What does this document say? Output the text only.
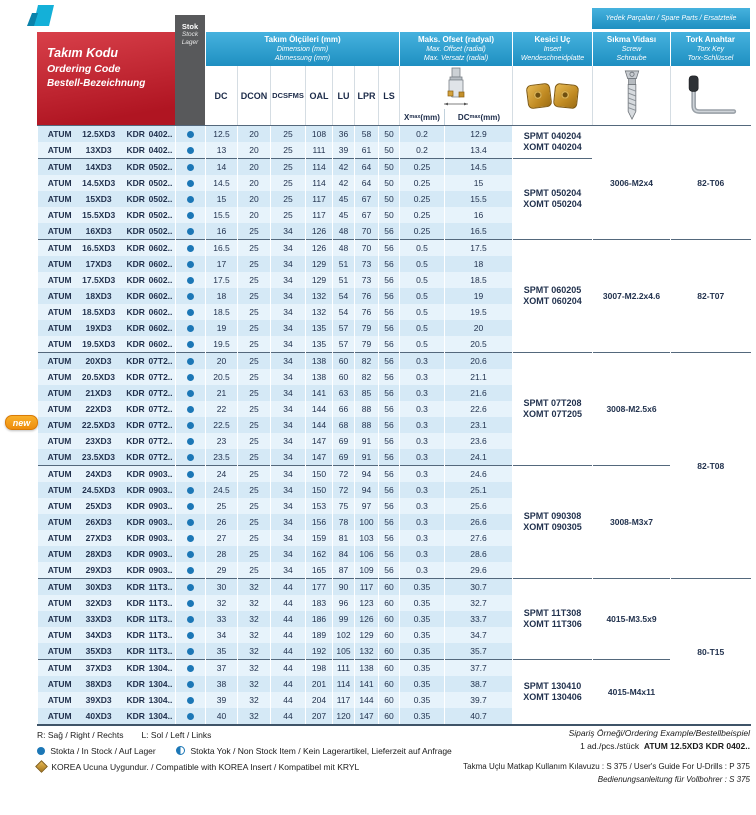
Yedek Parçaları / Spare Parts / Ersatzteile
Takım Kodu
Ordering Code
Bestell-Bezeichnung
Stok
Stock
Lager	Takım Ölçüleri (mm)
Dimension (mm)
Abmessung (mm)
Maks. Ofset (radyal)
Max. Offset (radial)
Max. Versatz (radial)
Kesici Uç
Insert
Wendeschneidplatte
Sıkma Vidası
Screw
Schraube
Tork Anahtar
Torx Key
Torx-Schlüssel
DC	DCON DCSFMS OAL	LU LPR LS
X max (mm) DC max (mm)
ATUM 12.5XD3 KDR 0402..		12.5	20	25	108	36	58	50	0.2	12.9	SPMT 040204
XOMT 040204	3006-M2x4	82-T06
ATUM 13XD3 KDR 0402..		13	20	25	111	39	61	50	0.2	13.4			
ATUM 14XD3 KDR 0502..		14	20	25	114	42	64	50	0.25	14.5	SPMT 050204
XOMT 050204		

ATUM 14.5XD3 KDR 0502..		14.5	20	25	114	42	64	50	0.25	15			
ATUM 15XD3 KDR 0502..		15	20	25	117	45	67	50	0.25	15.5			
ATUM 15.5XD3 KDR 0502..		15.5	20	25	117	45	67	50	0.25	16			
ATUM 16XD3 KDR 0502..		16	25	34	126	48	70	56	0.25	16.5			
ATUM 16.5XD3 KDR 0602..		16.5	25	34	126	48	70	56	0.5	17.5	SPMT 060205
XOMT 060204	3007-M2.2x4.6	82-T07
ATUM 17XD3 KDR 0602..		17	25	34	129	51	73	56	0.5	18			
ATUM 17.5XD3 KDR 0602..		17.5	25	34	129	51	73	56	0.5	18.5			
ATUM 18XD3 KDR 0602..		18	25	34	132	54	76	56	0.5	19			
ATUM 18.5XD3 KDR 0602..		18.5	25	34	132	54	76	56	0.5	19.5			
ATUM 19XD3 KDR 0602..		19	25	34	135	57	79	56	0.5	20			
ATUM 19.5XD3 KDR 0602..		19.5	25	34	135	57	79	56	0.5	20.5			
ATUM 20XD3 KDR 07T2..		20	25	34	138	60	82	56	0.3	20.6	SPMT 07T208
XOMT 07T205	3008-M2.5x6	82-T08
ATUM 20.5XD3 KDR 07T2..		20.5	25	34	138	60	82	56	0.3	21.1			
ATUM 21XD3 KDR 07T2..		21	25	34	141	63	85	56	0.3	21.6			
ATUM 22XD3 KDR 07T2..		22	25	34	144	66	88	56	0.3	22.6			
ATUM 22.5XD3 KDR 07T2..		22.5	25	34	144	68	88	56	0.3	23.1			
ATUM 23XD3 KDR 07T2..		23	25	34	147	69	91	56	0.3	23.6			
ATUM 23.5XD3 KDR 07T2..		23.5	25	34	147	69	91	56	0.3	24.1			
ATUM 24XD3 KDR 0903..		24	25	34	150	72	94	56	0.3	24.6	SPMT 090308
XOMT 090305	3008-M3x7	
ATUM 24.5XD3 KDR 0903..		24.5	25	34	150	72	94	56	0.3	25.1			
ATUM 25XD3 KDR 0903..		25	25	34	153	75	97	56	0.3	25.6			
ATUM 26XD3 KDR 0903..		26	25	34	156	78	100	56	0.3	26.6			
ATUM 27XD3 KDR 0903..		27	25	34	159	81	103	56	0.3	27.6			
ATUM 28XD3 KDR 0903..		28	25	34	162	84	106	56	0.3	28.6			
ATUM 29XD3 KDR 0903..		29	25	34	165	87	109	56	0.3	29.6			
ATUM 30XD3 KDR 11T3..		30	32	44	177	90	117	60	0.35	30.7	SPMT 11T308
XOMT 11T306	4015-M3.5x9	80-T15
ATUM 32XD3 KDR 11T3..		32	32	44	183	96	123	60	0.35	32.7			
ATUM 33XD3 KDR 11T3..		33	32	44	186	99	126	60	0.35	33.7			
ATUM 34XD3 KDR 11T3..		34	32	44	189	102	129	60	0.35	34.7			
ATUM 35XD3 KDR 11T3..		35	32	44	192	105	132	60	0.35	35.7			
ATUM 37XD3 KDR 1304..		37	32	44	198	111	138	60	0.35	37.7	SPMT 130410
XOMT 130406	4015-M4x11	
ATUM 38XD3 KDR 1304..		38	32	44	201	114	141	60	0.35	38.7			
ATUM 39XD3 KDR 1304..		39	32	44	204	117	144	60	0.35	39.7			
ATUM 40XD3 KDR 1304..		40	32	44	207	120	147	60	0.35	40.7			
new
R: Sağ / Right / Rechts L: Sol / Left / Links
Stokta / In Stock / Auf Lager	Stokta Yok / Non Stock Item / Kein Lagerartikel, Lieferzeit auf Anfrage
KOREA Ucuna Uygundur. / Compatible with KOREA Insert / Kompatibel mit KRYL
Sipariş Örneği/Ordering Example/Bestellbeispiel
1 ad./pcs./stück ATUM 12.5XD3 KDR 0402..
Takma Uçlu Matkap Kullanım Kılavuzu : S 375 / User's Guide For U-Drills : P 375
Bedienungsanleitung für Vollbohrer : S 375
